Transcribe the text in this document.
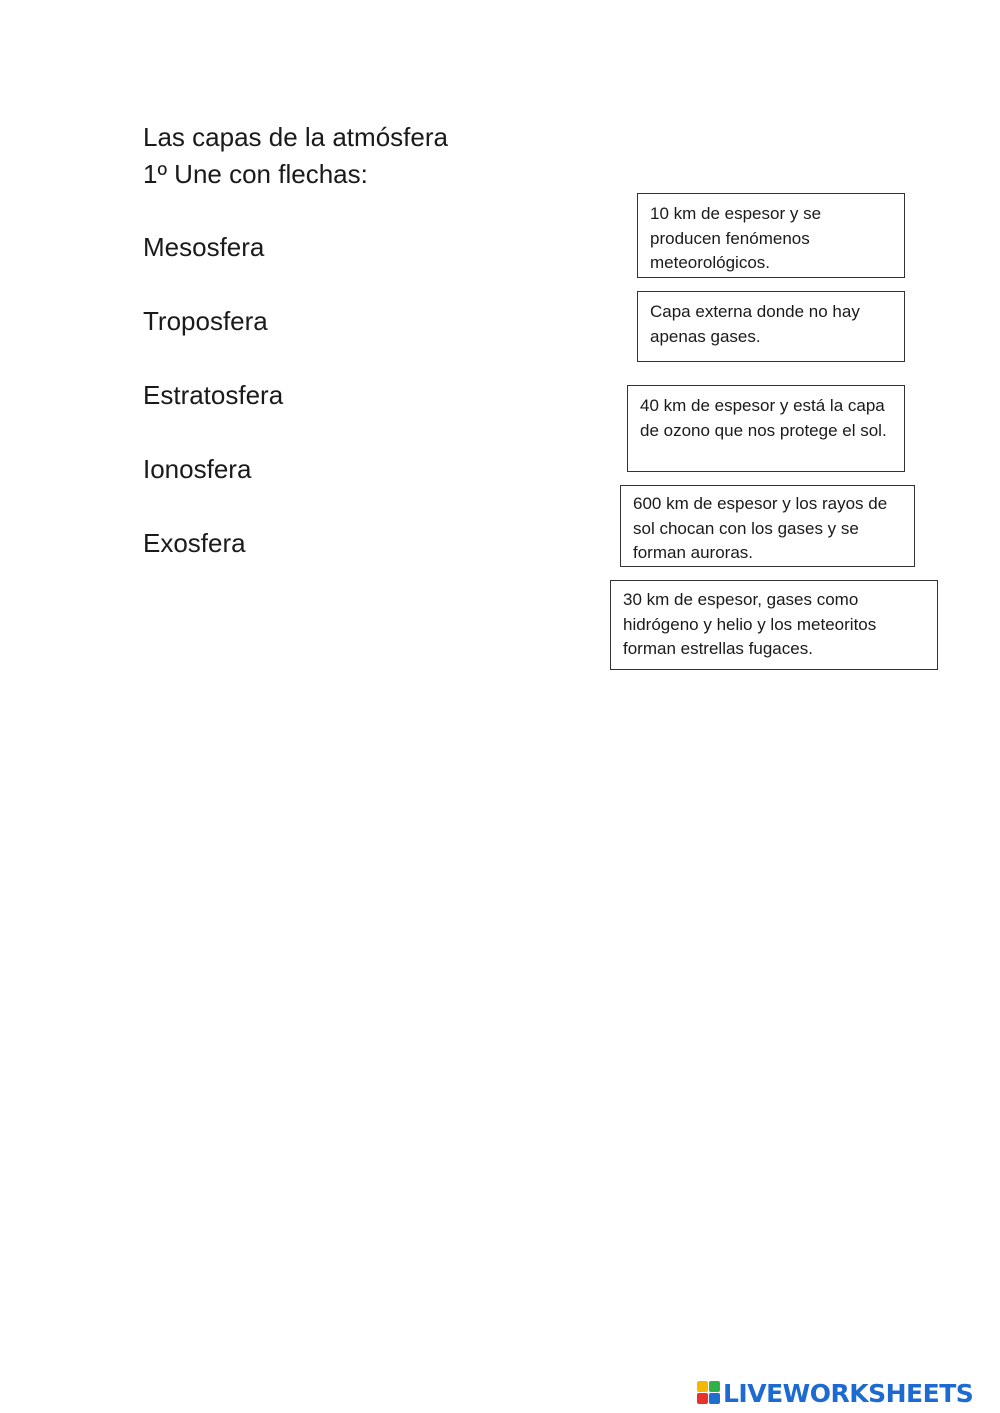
Las capas de la atmósfera
1º Une con flechas:
Mesosfera
Troposfera
Estratosfera
Ionosfera
Exosfera
10 km de espesor y se producen fenómenos meteorológicos.
Capa externa donde no hay apenas gases.
40 km de espesor y está la capa de ozono que nos protege el sol.
600 km de espesor y los rayos de sol chocan con los gases y se forman auroras.
30 km de espesor, gases como hidrógeno y helio y los meteoritos forman estrellas fugaces.
LIVEWORKSHEETS
